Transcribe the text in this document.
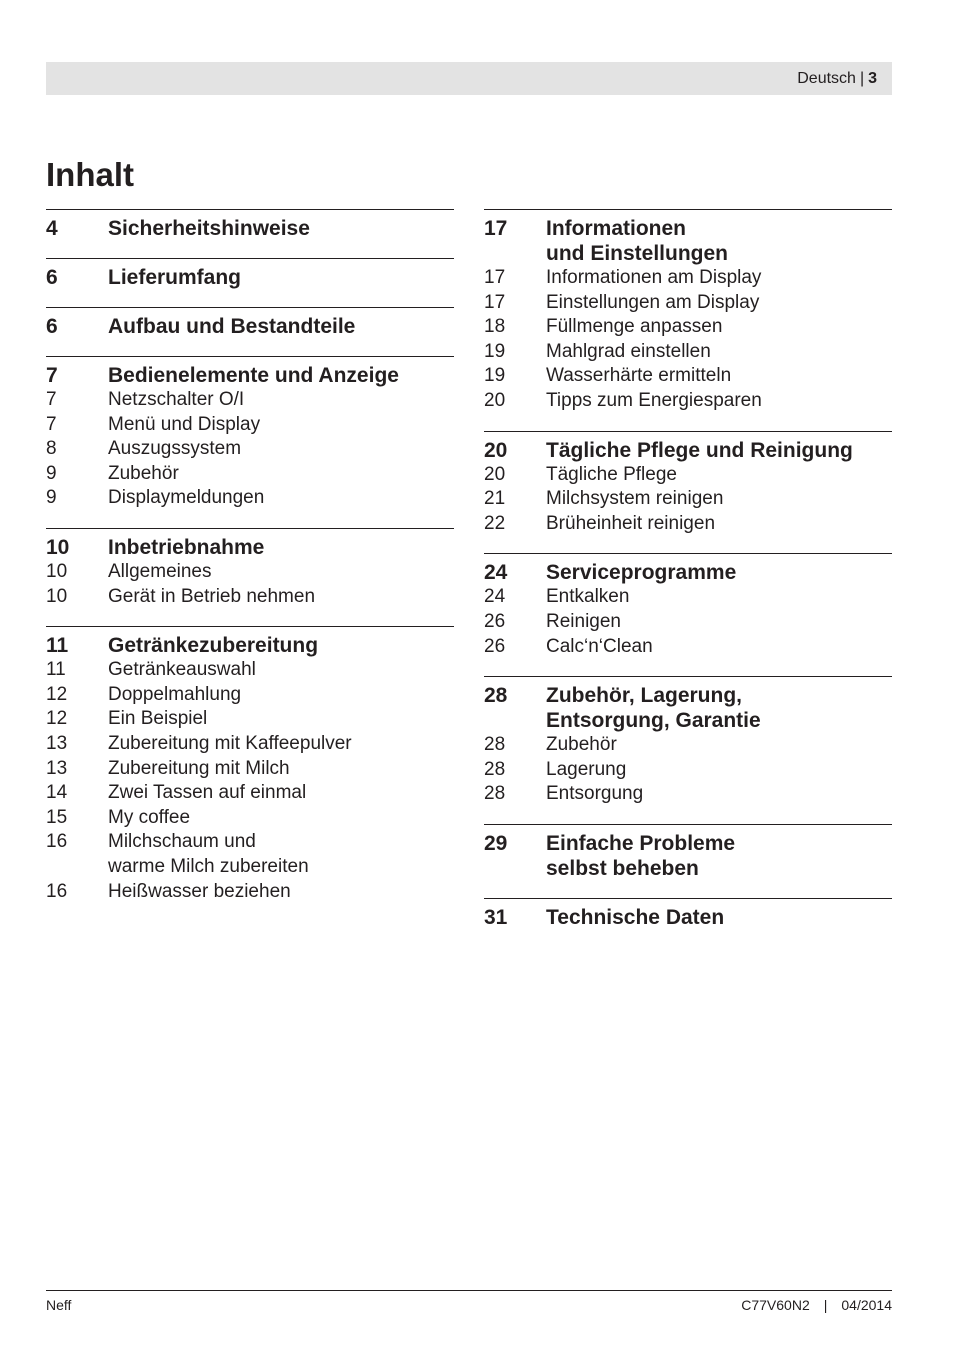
Deutsch | 3
Inhalt
4	Sicherheitshinweise
6	Lieferumfang
6	Aufbau und Bestandteile
7	Bedienelemente und Anzeige
7	Netzschalter O/I
7	Menü und Display
8	Auszugssystem
9	Zubehör
9	Displaymeldungen
10	Inbetriebnahme
10	Allgemeines
10	Gerät in Betrieb nehmen
11	Getränkezubereitung
11	Getränkeauswahl
12	Doppelmahlung
12	Ein Beispiel
13	Zubereitung mit Kaffeepulver
13	Zubereitung mit Milch
14	Zwei Tassen auf einmal
15	My coffee
16	Milchschaum und
warme Milch zubereiten
16	Heißwasser beziehen
17	Informationen
und Einstellungen
17	Informationen am Display
17	Einstellungen am Display
18	Füllmenge anpassen
19	Mahlgrad einstellen
19	Wasserhärte ermitteln
20	Tipps zum Energiesparen
20	Tägliche Pflege und Reinigung
20	Tägliche Pflege
21	Milchsystem reinigen
22	Brüheinheit reinigen
24	Serviceprogramme
24	Entkalken
26	Reinigen
26	Calc‘n‘Clean
28	Zubehör, Lagerung,
Entsorgung, Garantie
28	Zubehör
28	Lagerung
28	Entsorgung
29	Einfache Probleme
selbst beheben
31	Technische Daten
Neff	C77V60N2 | 04/2014
